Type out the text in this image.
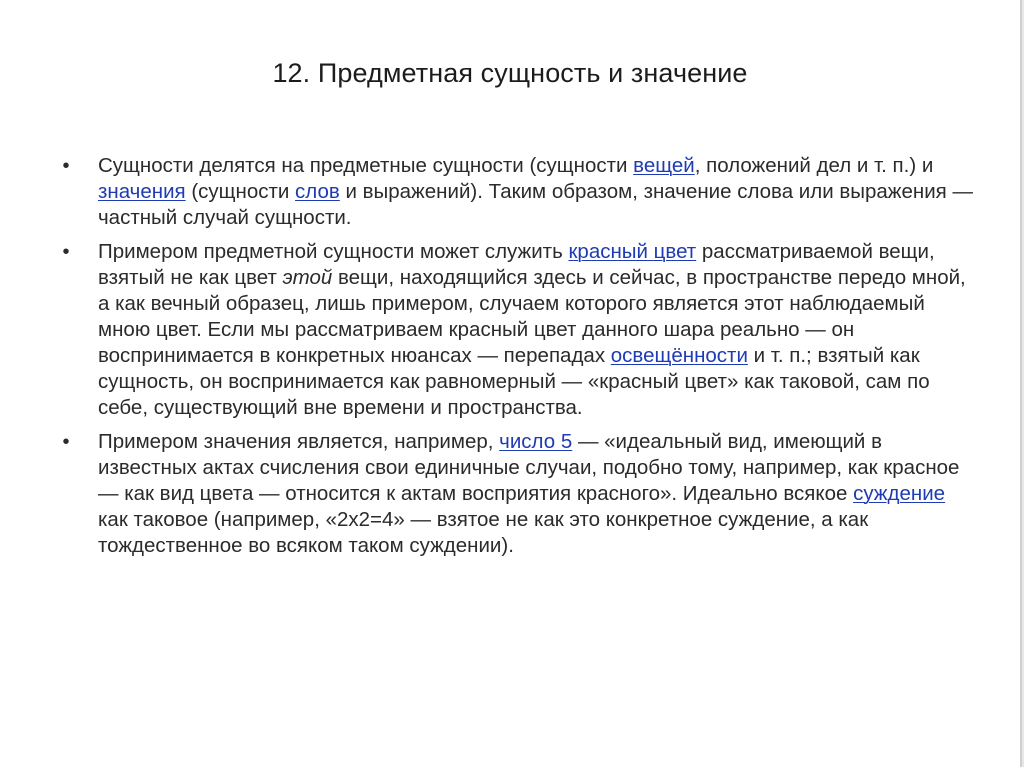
12. Предметная сущность и значение
• Сущности делятся на предметные сущности (сущности вещей, положений дел и т. п.) и значения (сущности слов и выражений). Таким образом, значение слова или выражения — частный случай сущности.
• Примером предметной сущности может служить красный цвет рассматриваемой вещи, взятый не как цвет этой вещи, находящийся здесь и сейчас, в пространстве передо мной, а как вечный образец, лишь примером, случаем которого является этот наблюдаемый мною цвет. Если мы рассматриваем красный цвет данного шара реально — он воспринимается в конкретных нюансах — перепадах освещённости и т. п.; взятый как сущность, он воспринимается как равномерный — «красный цвет» как таковой, сам по себе, существующий вне времени и пространства.
• Примером значения является, например, число 5 — «идеальный вид, имеющий в известных актах счисления свои единичные случаи, подобно тому, например, как красное — как вид цвета — относится к актам восприятия красного». Идеально всякое суждение как таковое (например, «2x2=4» — взятое не как это конкретное суждение, а как тождественное во всяком таком суждении).
